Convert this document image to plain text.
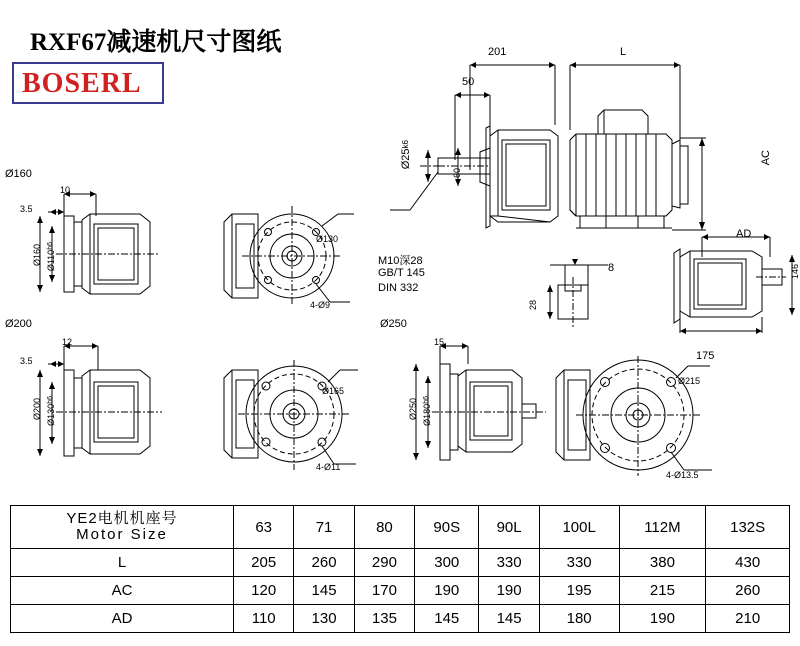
RXF67减速机尺寸图纸
BOSERL
201	L
50
Ø25k6
60
AC
M10深28
GB/T 145
DIN 332
8
28
AD
146
175
Ø160
10
3.5
Ø160 Ø110h6
Ø130
4-Ø9
Ø200
12
3.5
Ø200 Ø130h6
Ø165
4-Ø11
Ø250
15
Ø250 Ø180h6
Ø215
4-Ø13.5
YE2电机机座号
Motor Size	63	71	80	90S	90L	100L	112M	132S
L	205	260	290	300	330	330	380	430
AC	120	145	170	190	190	195	215	260
AD	110	130	135	145	145	180	190	210
